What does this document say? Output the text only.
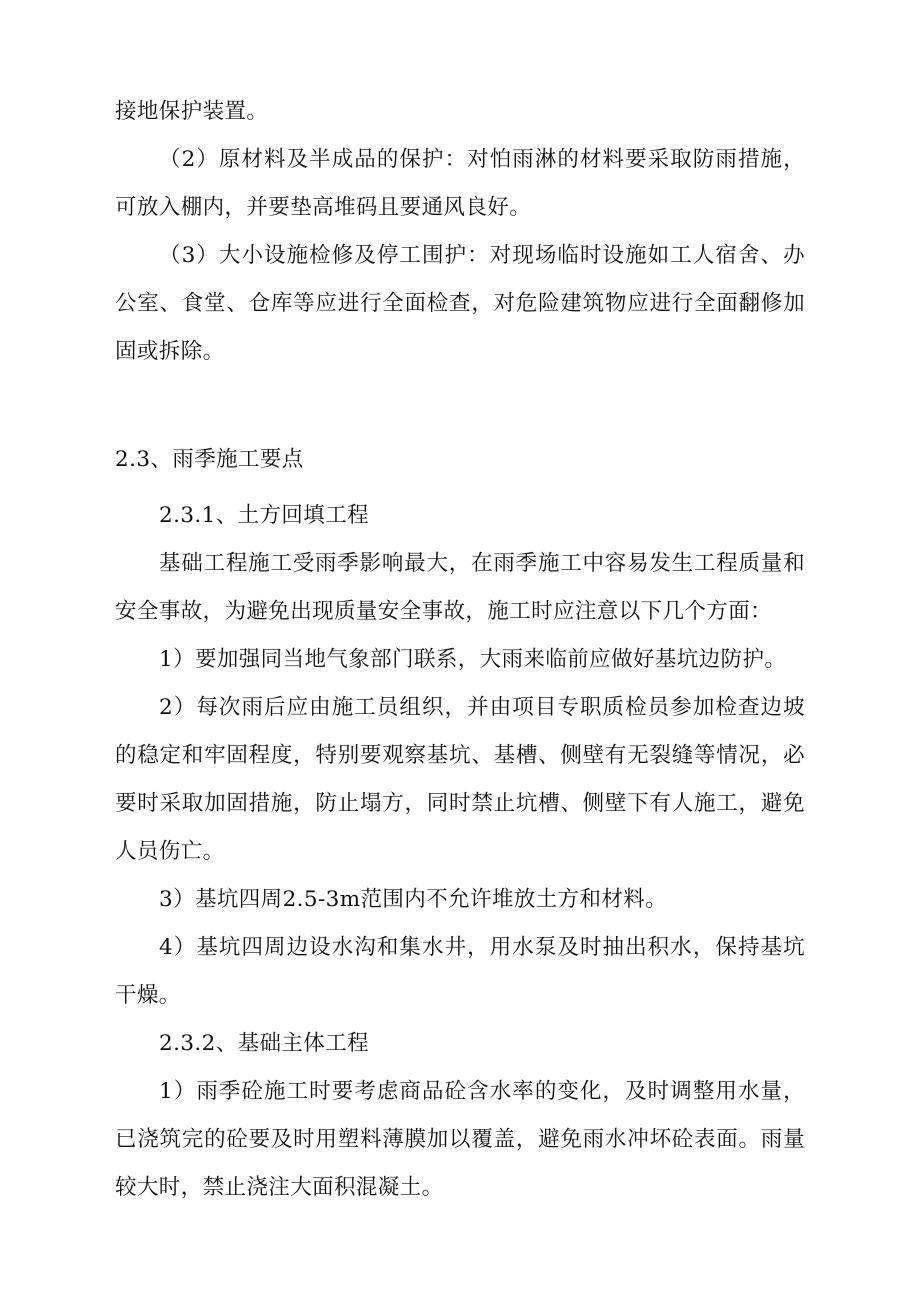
接地保护装置。

（2）原材料及半成品的保护：对怕雨淋的材料要采取防雨措施，可放入棚内，并要垫高堆码且要通风良好。

（3）大小设施检修及停工围护：对现场临时设施如工人宿舍、办公室、食堂、仓库等应进行全面检查，对危险建筑物应进行全面翻修加固或拆除。

2.3、雨季施工要点

2.3.1、土方回填工程

基础工程施工受雨季影响最大，在雨季施工中容易发生工程质量和安全事故，为避免出现质量安全事故，施工时应注意以下几个方面：

1）要加强同当地气象部门联系，大雨来临前应做好基坑边防护。

2）每次雨后应由施工员组织，并由项目专职质检员参加检查边坡的稳定和牢固程度，特别要观察基坑、基槽、侧壁有无裂缝等情况，必要时采取加固措施，防止塌方，同时禁止坑槽、侧壁下有人施工，避免人员伤亡。

3）基坑四周2.5-3m范围内不允许堆放土方和材料。

4）基坑四周边设水沟和集水井，用水泵及时抽出积水，保持基坑干燥。

2.3.2、基础主体工程

1）雨季砼施工时要考虑商品砼含水率的变化，及时调整用水量，已浇筑完的砼要及时用塑料薄膜加以覆盖，避免雨水冲坏砼表面。雨量较大时，禁止浇注大面积混凝土。
